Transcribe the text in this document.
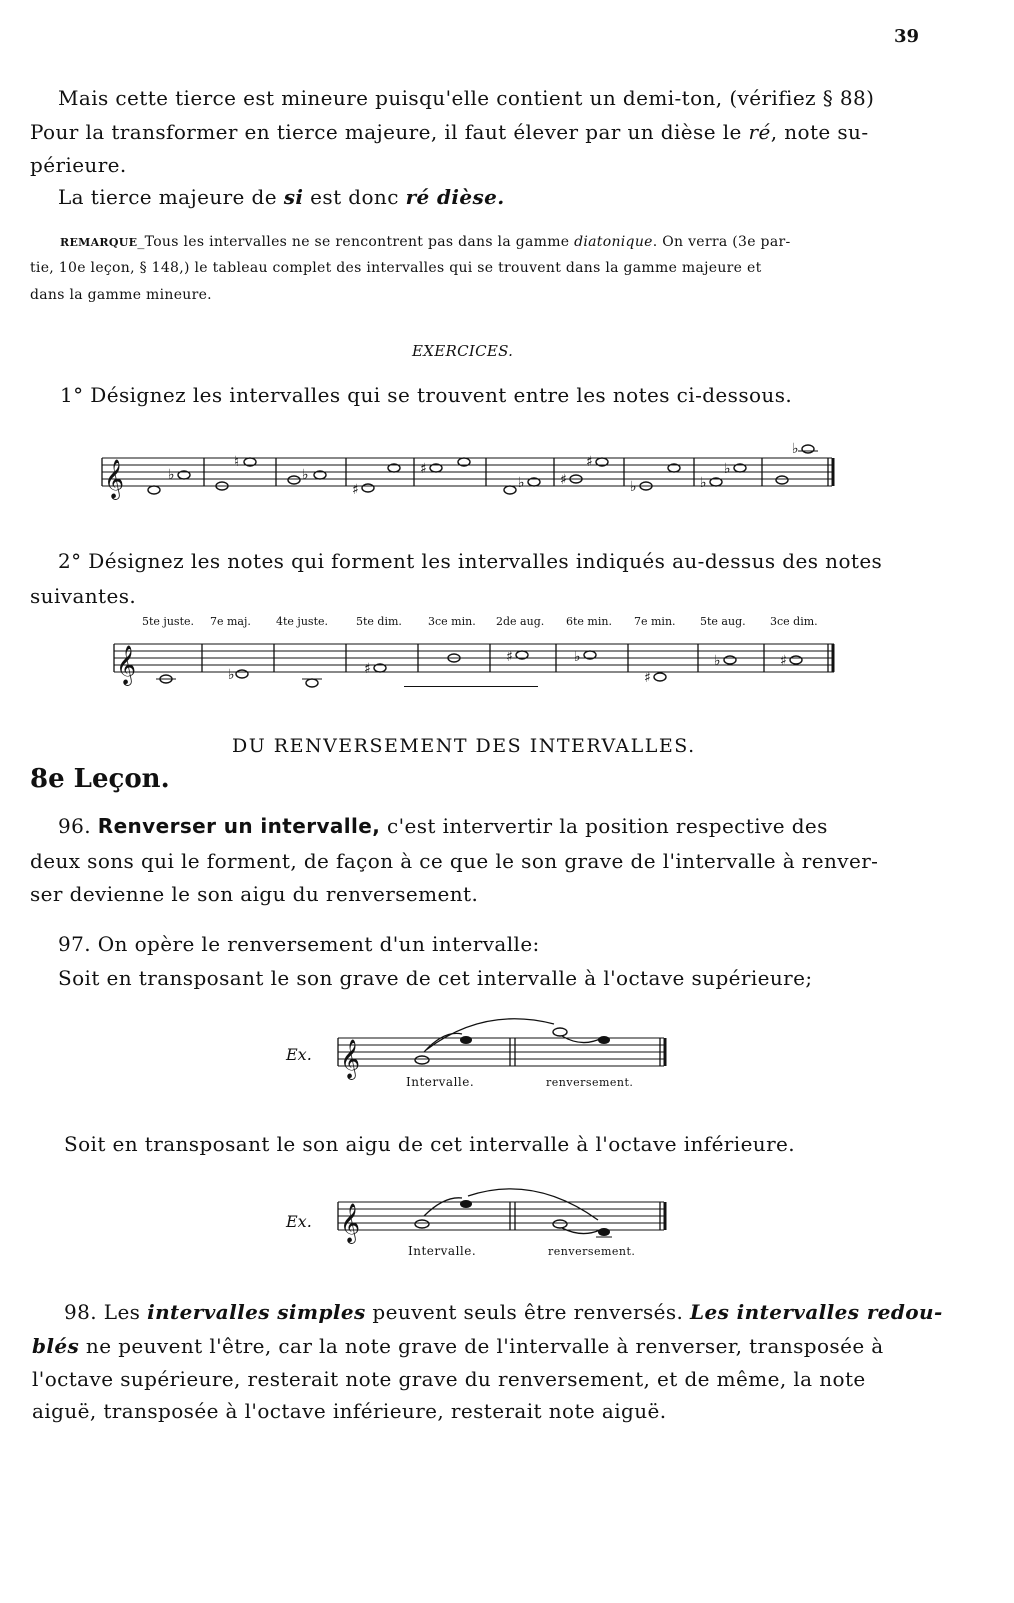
39
Mais cette tierce est mineure puisqu'elle contient un demi-ton, (vérifiez § 88)
Pour la transformer en tierce majeure, il faut élever par un dièse le ré, note su-
périeure.
La tierce majeure de si est donc ré dièse.
REMARQUE_Tous les intervalles ne se rencontrent pas dans la gamme diatonique. On verra (3e par-
tie, 10e leçon, § 148,) le tableau complet des intervalles qui se trouvent dans la gamme majeure et
dans la gamme mineure.
EXERCICES.
1° Désignez les intervalles qui se trouvent entre les notes ci-dessous.
𝄞	♭
♮
♭
♯
♯
♭	♯
♯
♭	♭
♭
♭
2° Désignez les notes qui forment les intervalles indiqués au-dessus des notes
suivantes.
5te juste. 7e maj. 4te juste.	5te dim. 3ce min. 2de aug. 6te min. 7e min. 5te aug. 3ce dim.
𝄞	♭	♯
♯	♭
♯
♭	♯
DU RENVERSEMENT DES INTERVALLES.
8e Leçon.
96. Renverser un intervalle, c'est intervertir la position respective des
deux sons qui le forment, de façon à ce que le son grave de l'intervalle à renver-
ser devienne le son aigu du renversement.
97. On opère le renversement d'un intervalle:
Soit en transposant le son grave de cet intervalle à l'octave supérieure;
Ex. 𝄞
Intervalle.	renversement.
Soit en transposant le son aigu de cet intervalle à l'octave inférieure.
Ex. 𝄞
Intervalle.	renversement.
98. Les intervalles simples peuvent seuls être renversés. Les intervalles redou-
blés ne peuvent l'être, car la note grave de l'intervalle à renverser, transposée à
l'octave supérieure, resterait note grave du renversement, et de même, la note
aiguë, transposée à l'octave inférieure, resterait note aiguë.
